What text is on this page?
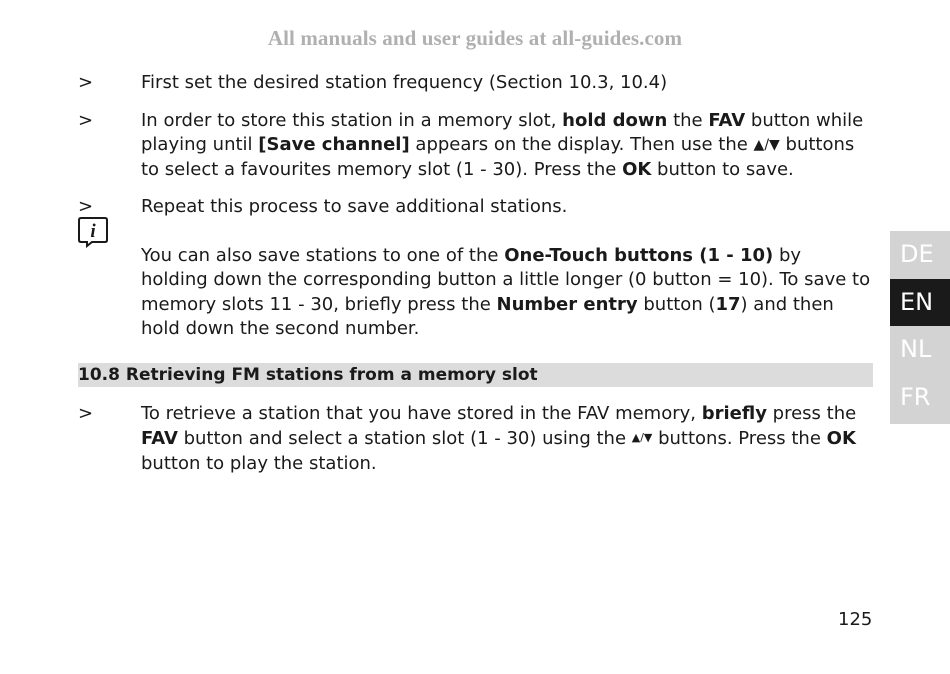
All manuals and user guides at all-guides.com
>	First set the desired station frequency (Section 10.3, 10.4)
>	In order to store this station in a memory slot, hold down the FAV button while playing until [Save channel] appears on the display. Then use the ▲/▼ buttons to select a favourites memory slot (1 - 30). Press the OK button to save.
>	Repeat this process to save additional stations.
i
You can also save stations to one of the One-Touch buttons (1 - 10) by holding down the corresponding button a little longer (0 button = 10). To save to memory slots 11 - 30, briefly press the Number entry button (17) and then hold down the second number.
10.8 Retrieving FM stations from a memory slot
>	To retrieve a station that you have stored in the FAV memory, briefly press the FAV button and select a station slot (1 - 30) using the ▲/▼ buttons. Press the OK button to play the station.
125
DE
EN
NL
FR
